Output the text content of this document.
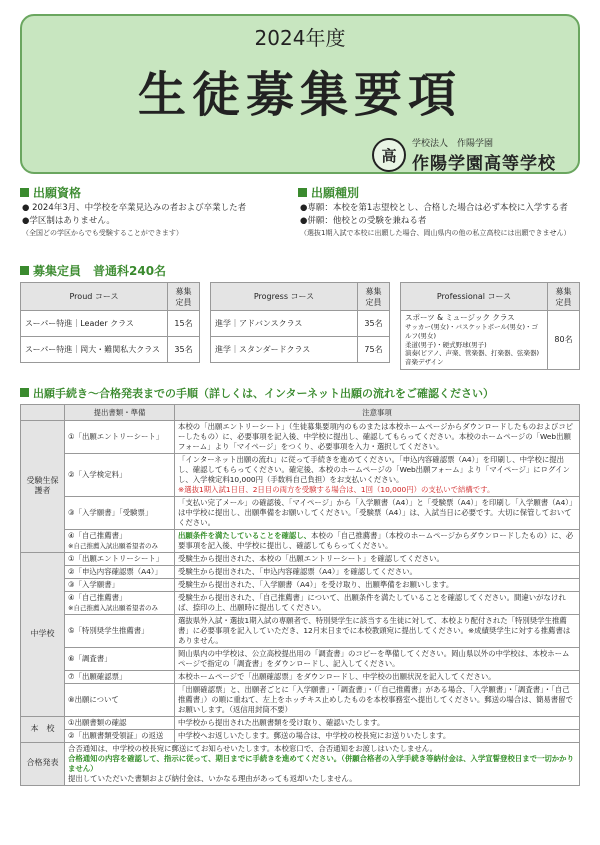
2024年度
生徒募集要項
高
学校法人　作陽学園
作陽学園高等学校
出願資格
● 2024年3月、中学校を卒業見込みの者および卒業した者
●学区制はありません。
（全国どの学区からでも受験することができます）
出願種別
●専願：本校を第1志望校とし、合格した場合は必ず本校に入学する者
●併願：他校との受験を兼ねる者
（選抜1期入試で本校に出願した場合、岡山県内の他の私立高校には出願できません）
募集定員　普通科240名
Proud コース	募集定員
スーパー特進｜Leader クラス	15名
スーパー特進｜岡大・難関私大クラス	35名
Progress コース	募集定員
進学｜アドバンスクラス	35名
進学｜スタンダードクラス	75名
Professional コース	募集定員

スポーツ & ミュージック クラス
サッカー(男女)・バスケットボール(男女)・ゴルフ(男女)
柔道(男子)・硬式野球(男子)
演奏(ピアノ、声楽、管楽器、打楽器、弦楽器)
音楽デザイン	80名
出願手続き～合格発表までの手順（詳しくは、インターネット出願の流れをご確認ください）
	提出書類・準備	注意事項
受験生保護者	①「出願エントリーシート」	本校の「出願エントリーシート」（生徒募集要項内のものまたは本校ホームページからダウンロードしたものおよびコピーしたもの）に、必要事項を記入後、中学校に提出し、確認してもらってください。本校のホームページの「Web出願フォーム」より「マイページ」をつくり、必要事項を入力・選択してください。
	②「入学検定料」	「インターネット出願の流れ」に従って手続きを進めてください。「申込内容確認票（A4）」を印刷し、中学校に提出し、確認してもらってください。確定後、本校のホームページの「Web出願フォーム」より「マイページ」にログインし、入学検定料10,000円（手数料自己負担）をお支払いください。
※選抜1期入試1日目、2日目の両方を受験する場合は、1回（10,000円）の支払いで結構です。
	③「入学願書」「受験票」	「支払い完了メール」の確認後、「マイページ」から「入学願書（A4）」と「受験票（A4）」を印刷し「入学願書（A4）」は中学校に提出し、出願準備をお願いしてください。「受験票（A4）」は、入試当日に必要です。大切に保管しておいてください。
	④「自己推薦書」
※自己推薦入試出願希望者のみ	出願条件を満たしていることを確認し、本校の「自己推薦書」（本校のホームページからダウンロードしたもの）に、必要事項を記入後、中学校に提出し、確認してもらってください。
中学校	①「出願エントリーシート」	受験生から提出された、本校の「出願エントリーシート」を確認してください。
	②「申込内容確認票（A4）」	受験生から提出された、「申込内容確認票（A4）」を確認してください。
	③「入学願書」	受験生から提出された、「入学願書（A4）」を受け取り、出願準備をお願いします。
	④「自己推薦書」
※自己推薦入試出願希望者のみ	受験生から提出された、「自己推薦書」について、出願条件を満たしていることを確認してください。間違いがなければ、捺印の上、出願時に提出してください。
	⑤「特別奨学生推薦書」	選抜県外入試・選抜1期入試の専願者で、特別奨学生に該当する生徒に対して、本校より配付された「特別奨学生推薦書」に必要事項を記入していただき、12月末日までに本校教頭宛に提出してください。※成績奨学生に対する推薦書はありません。
	⑥「調査書」	岡山県内の中学校は、公立高校提出用の「調査書」のコピーを準備してください。岡山県以外の中学校は、本校ホームページで指定の「調査書」をダウンロードし、記入してください。
	⑦「出願確認票」	本校ホームページで「出願確認票」をダウンロードし、中学校の出願状況を記入してください。
	⑧出願について	「出願確認票」と、出願者ごとに「入学願書」・「調査書」・（「自己推薦書」がある場合、「入学願書」・「調査書」・「自己推薦書」）の順に重ねて、左上をホッチキス止めしたものを本校事務室へ提出してください。郵送の場合は、簡易書留でお願いします。（返信用封筒不要）
本　校	①出願書類の確認	中学校から提出された出願書類を受け取り、確認いたします。
	②「出願書類受領証」の返送	中学校へお返しいたします。郵送の場合は、中学校の校長宛にお送りいたします。
合格発表	合否通知は、中学校の校長宛に郵送にてお知らせいたします。本校窓口で、合否通知をお渡しはいたしません。
合格通知の内容を確認して、指示に従って、期日までに手続きを進めてください。（併願合格者の入学手続き等納付金は、入学宣誓登校日まで一切かかりません）
提出していただいた書類および納付金は、いかなる理由があっても返却いたしません。	
